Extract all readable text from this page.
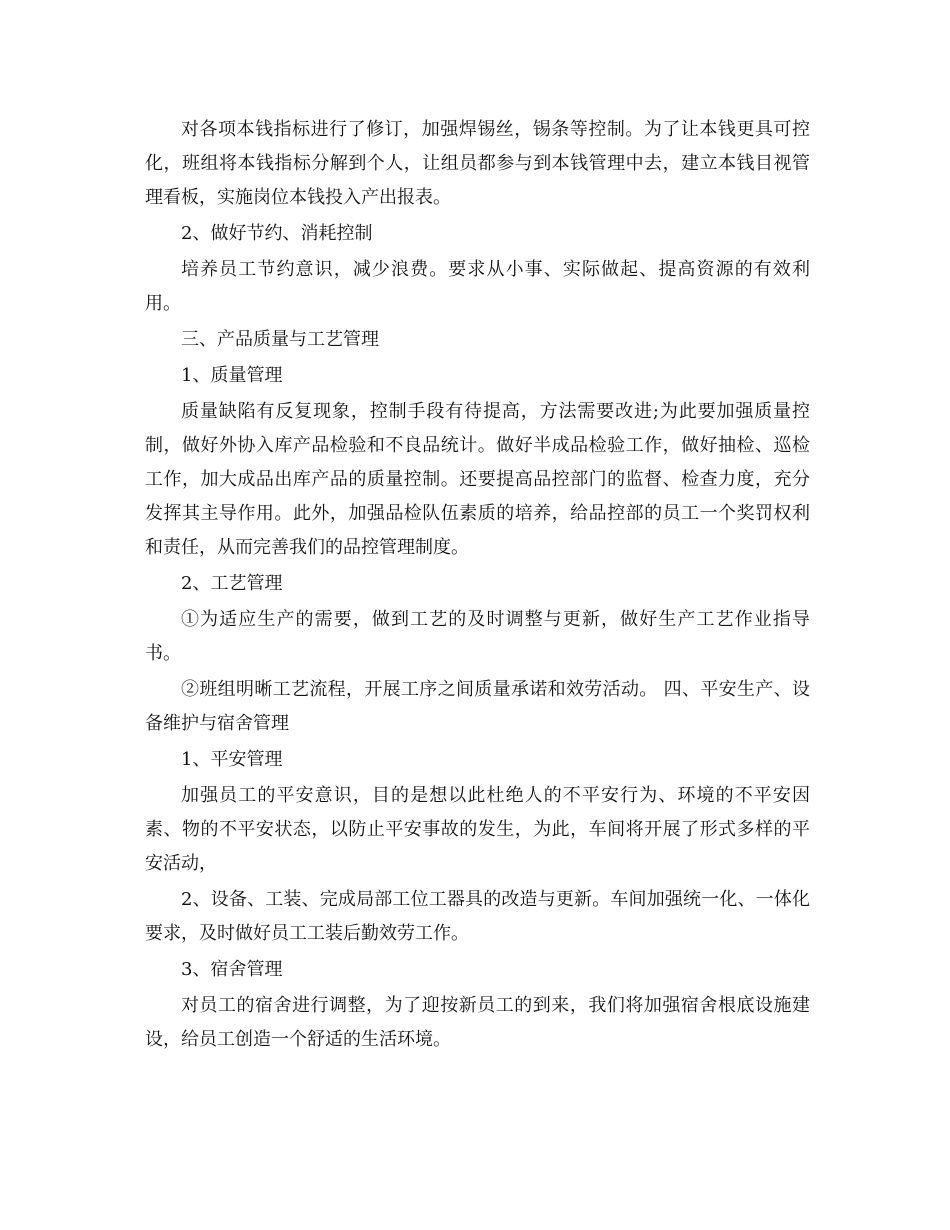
对各项本钱指标进行了修订，加强焊锡丝，锡条等控制。为了让本钱更具可控化，班组将本钱指标分解到个人，让组员都参与到本钱管理中去，建立本钱目视管理看板，实施岗位本钱投入产出报表。

2、做好节约、消耗控制

培养员工节约意识，减少浪费。要求从小事、实际做起、提高资源的有效利用。

三、产品质量与工艺管理

1、质量管理

质量缺陷有反复现象，控制手段有待提高，方法需要改进;为此要加强质量控制，做好外协入库产品检验和不良品统计。做好半成品检验工作，做好抽检、巡检工作，加大成品出库产品的质量控制。还要提高品控部门的监督、检查力度，充分发挥其主导作用。此外，加强品检队伍素质的培养，给品控部的员工一个奖罚权利和责任，从而完善我们的品控管理制度。

2、工艺管理

①为适应生产的需要，做到工艺的及时调整与更新，做好生产工艺作业指导书。

②班组明晰工艺流程，开展工序之间质量承诺和效劳活动。 四、平安生产、设备维护与宿舍管理

1、平安管理

加强员工的平安意识，目的是想以此杜绝人的不平安行为、环境的不平安因素、物的不平安状态，以防止平安事故的发生，为此，车间将开展了形式多样的平安活动，

2、设备、工装、完成局部工位工器具的改造与更新。车间加强统一化、一体化要求，及时做好员工工装后勤效劳工作。

3、宿舍管理

对员工的宿舍进行调整，为了迎按新员工的到来，我们将加强宿舍根底设施建设，给员工创造一个舒适的生活环境。
